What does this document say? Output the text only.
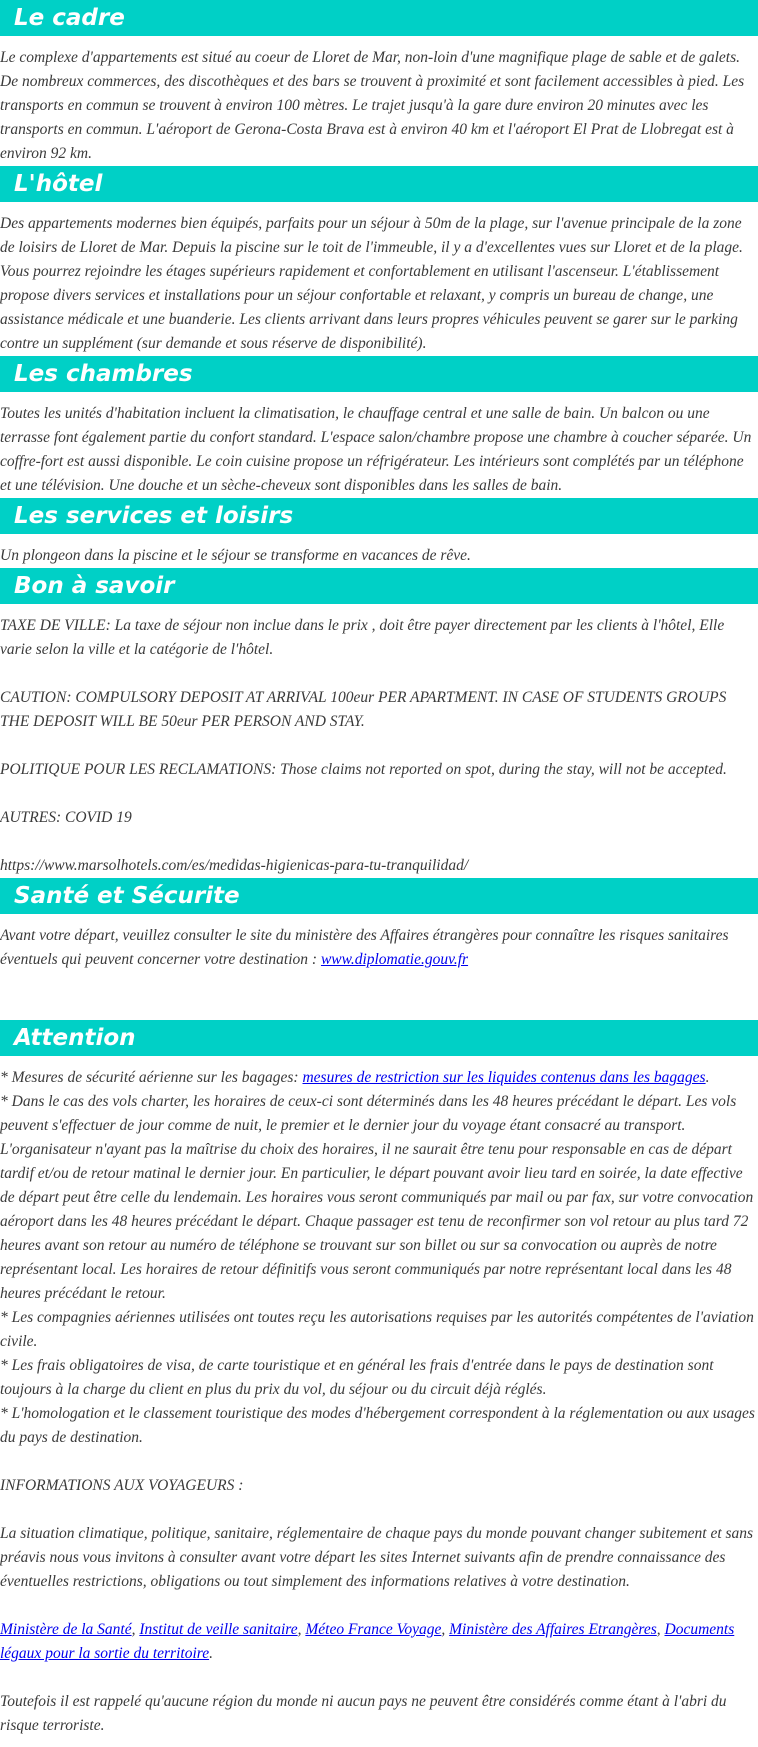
Le cadre

Le complexe d'appartements est situé au coeur de Lloret de Mar, non-loin d'une magnifique plage de sable et de galets. De nombreux commerces, des discothèques et des bars se trouvent à proximité et sont facilement accessibles à pied. Les transports en commun se trouvent à environ 100 mètres. Le trajet jusqu'à la gare dure environ 20 minutes avec les transports en commun. L'aéroport de Gerona-Costa Brava est à environ 40 km et l'aéroport El Prat de Llobregat est à environ 92 km.

L'hôtel

Des appartements modernes bien équipés, parfaits pour un séjour à 50m de la plage, sur l'avenue principale de la zone de loisirs de Lloret de Mar. Depuis la piscine sur le toit de l'immeuble, il y a d'excellentes vues sur Lloret et de la plage. Vous pourrez rejoindre les étages supérieurs rapidement et confortablement en utilisant l'ascenseur. L'établissement propose divers services et installations pour un séjour confortable et relaxant, y compris un bureau de change, une assistance médicale et une buanderie. Les clients arrivant dans leurs propres véhicules peuvent se garer sur le parking contre un supplément (sur demande et sous réserve de disponibilité).

Les chambres

Toutes les unités d'habitation incluent la climatisation, le chauffage central et une salle de bain. Un balcon ou une terrasse font également partie du confort standard. L'espace salon/chambre propose une chambre à coucher séparée. Un coffre-fort est aussi disponible. Le coin cuisine propose un réfrigérateur. Les intérieurs sont complétés par un téléphone et une télévision. Une douche et un sèche-cheveux sont disponibles dans les salles de bain.

Les services et loisirs

Un plongeon dans la piscine et le séjour se transforme en vacances de rêve.

Bon à savoir

TAXE DE VILLE: La taxe de séjour non inclue dans le prix , doit être payer directement par les clients à l'hôtel, Elle varie selon la ville et la catégorie de l'hôtel.

CAUTION: COMPULSORY DEPOSIT AT ARRIVAL 100eur PER APARTMENT. IN CASE OF STUDENTS GROUPS THE DEPOSIT WILL BE 50eur PER PERSON AND STAY.

POLITIQUE POUR LES RECLAMATIONS: Those claims not reported on spot, during the stay, will not be accepted.

AUTRES: COVID 19

https://www.marsolhotels.com/es/medidas-higienicas-para-tu-tranquilidad/

Santé et Sécurite

Avant votre départ, veuillez consulter le site du ministère des Affaires étrangères pour connaître les risques sanitaires éventuels qui peuvent concerner votre destination : www.diplomatie.gouv.fr

Attention

* Mesures de sécurité aérienne sur les bagages: mesures de restriction sur les liquides contenus dans les bagages.

* Dans le cas des vols charter, les horaires de ceux-ci sont déterminés dans les 48 heures précédant le départ. Les vols peuvent s'effectuer de jour comme de nuit, le premier et le dernier jour du voyage étant consacré au transport. L'organisateur n'ayant pas la maîtrise du choix des horaires, il ne saurait être tenu pour responsable en cas de départ tardif et/ou de retour matinal le dernier jour. En particulier, le départ pouvant avoir lieu tard en soirée, la date effective de départ peut être celle du lendemain. Les horaires vous seront communiqués par mail ou par fax, sur votre convocation aéroport dans les 48 heures précédant le départ. Chaque passager est tenu de reconfirmer son vol retour au plus tard 72 heures avant son retour au numéro de téléphone se trouvant sur son billet ou sur sa convocation ou auprès de notre représentant local. Les horaires de retour définitifs vous seront communiqués par notre représentant local dans les 48 heures précédant le retour.

* Les compagnies aériennes utilisées ont toutes reçu les autorisations requises par les autorités compétentes de l'aviation civile.

* Les frais obligatoires de visa, de carte touristique et en général les frais d'entrée dans le pays de destination sont toujours à la charge du client en plus du prix du vol, du séjour ou du circuit déjà réglés.

* L'homologation et le classement touristique des modes d'hébergement correspondent à la réglementation ou aux usages du pays de destination.

INFORMATIONS AUX VOYAGEURS :

La situation climatique, politique, sanitaire, réglementaire de chaque pays du monde pouvant changer subitement et sans préavis nous vous invitons à consulter avant votre départ les sites Internet suivants afin de prendre connaissance des éventuelles restrictions, obligations ou tout simplement des informations relatives à votre destination.

Ministère de la Santé, Institut de veille sanitaire, Méteo France Voyage, Ministère des Affaires Etrangères, Documents légaux pour la sortie du territoire.

Toutefois il est rappelé qu'aucune région du monde ni aucun pays ne peuvent être considérés comme étant à l'abri du risque terroriste.
